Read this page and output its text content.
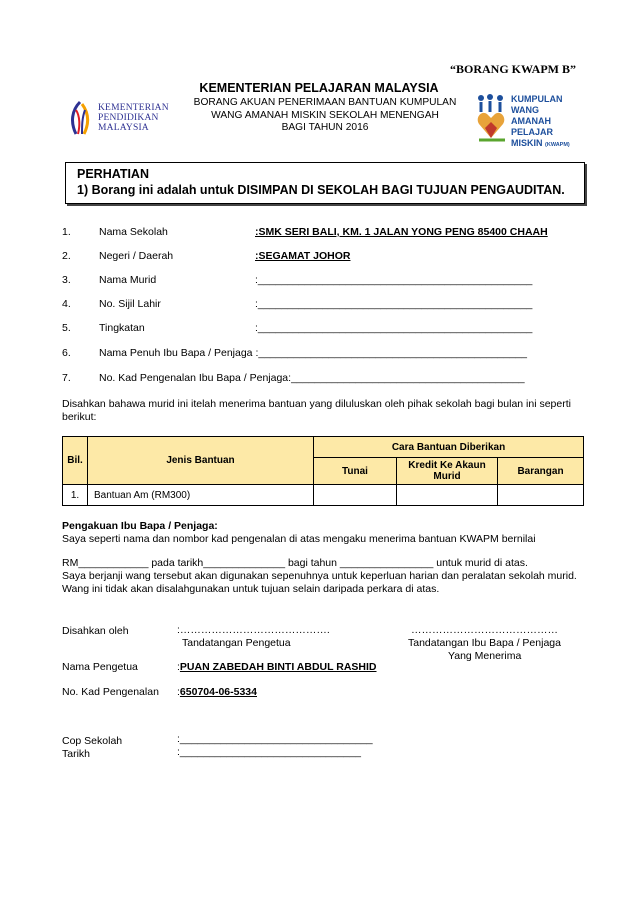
“BORANG KWAPM B”
KEMENTERIAN PELAJARAN MALAYSIA
BORANG AKUAN PENERIMAAN BANTUAN KUMPULAN
WANG AMANAH MISKIN SEKOLAH MENENGAH
BAGI TAHUN 2016
KEMENTERIAN
PENDIDIKAN
MALAYSIA
KUMPULAN WANG
AMANAH PELAJAR
MISKIN (KWAPM)
PERHATIAN
1) Borang ini adalah untuk DISIMPAN DI SEKOLAH BAGI TUJUAN PENGAUDITAN.
1.	Nama Sekolah	:SMK SERI BALI, KM. 1 JALAN YONG PENG 85400 CHAAH
2.	Negeri / Daerah	:SEGAMAT JOHOR
3.	Nama Murid	:_______________________________________________
4.	No. Sijil Lahir	:_______________________________________________
5.	Tingkatan	:_______________________________________________
6.	Nama Penuh Ibu Bapa / Penjaga :______________________________________________
7.	No. Kad Pengenalan Ibu Bapa / Penjaga:________________________________________
Disahkan bahawa murid ini itelah menerima bantuan yang diluluskan oleh pihak sekolah bagi bulan ini seperti berikut:
Bil.	Jenis Bantuan	Cara Bantuan Diberikan		
		Tunai	Kredit Ke Akaun Murid	Barangan
1.	Bantuan Am (RM300)			
Pengakuan Ibu Bapa / Penjaga:
Saya seperti nama dan nombor kad pengenalan di atas mengaku menerima bantuan KWAPM bernilai
RM____________ pada tarikh______________ bagi tahun ________________ untuk murid di atas.
Saya berjanji wang tersebut akan digunakan sepenuhnya untuk keperluan harian dan peralatan sekolah murid. Wang ini tidak akan disalahgunakan untuk tujuan selain daripada perkara di atas.
Disahkan oleh	:…………………………………….
Tandatangan Pengetua
……………………………………
Tandatangan Ibu Bapa / Penjaga
Yang Menerima
Nama Pengetua	:PUAN ZABEDAH BINTI ABDUL RASHID
No. Kad Pengenalan :650704-06-5334
Cop Sekolah	:_________________________________
Tarikh	:_______________________________
